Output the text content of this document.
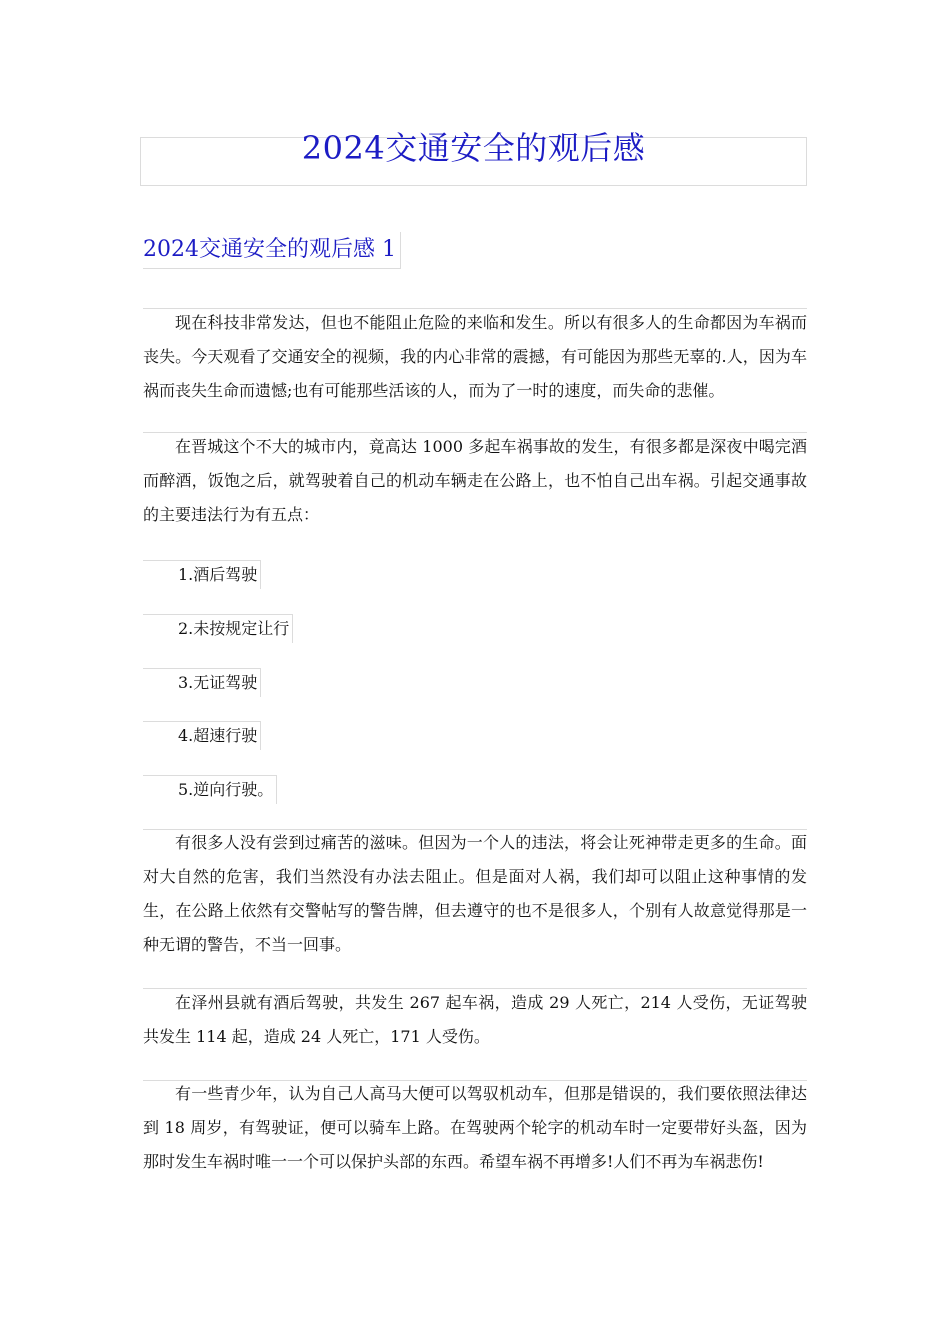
2024交通安全的观后感
2024交通安全的观后感 1

现在科技非常发达，但也不能阻止危险的来临和发生。所以有很多人的生命都因为车祸而丧失。今天观看了交通安全的视频，我的内心非常的震撼，有可能因为那些无辜的.人，因为车祸而丧失生命而遗憾;也有可能那些活该的人，而为了一时的速度，而失命的悲催。

在晋城这个不大的城市内，竟高达 1000 多起车祸事故的发生，有很多都是深夜中喝完酒而醉酒，饭饱之后，就驾驶着自己的机动车辆走在公路上，也不怕自己出车祸。引起交通事故的主要违法行为有五点：

1.酒后驾驶

2.未按规定让行

3.无证驾驶

4.超速行驶

5.逆向行驶。

有很多人没有尝到过痛苦的滋味。但因为一个人的违法，将会让死神带走更多的生命。面对大自然的危害，我们当然没有办法去阻止。但是面对人祸，我们却可以阻止这种事情的发生，在公路上依然有交警帖写的警告牌，但去遵守的也不是很多人，个别有人故意觉得那是一种无谓的警告，不当一回事。

在泽州县就有酒后驾驶，共发生 267 起车祸，造成 29 人死亡，214 人受伤，无证驾驶共发生 114 起，造成 24 人死亡，171 人受伤。

有一些青少年，认为自己人高马大便可以驾驭机动车，但那是错误的，我们要依照法律达到 18 周岁，有驾驶证，便可以骑车上路。在驾驶两个轮字的机动车时一定要带好头盔，因为那时发生车祸时唯一一个可以保护头部的东西。希望车祸不再增多!人们不再为车祸悲伤!
